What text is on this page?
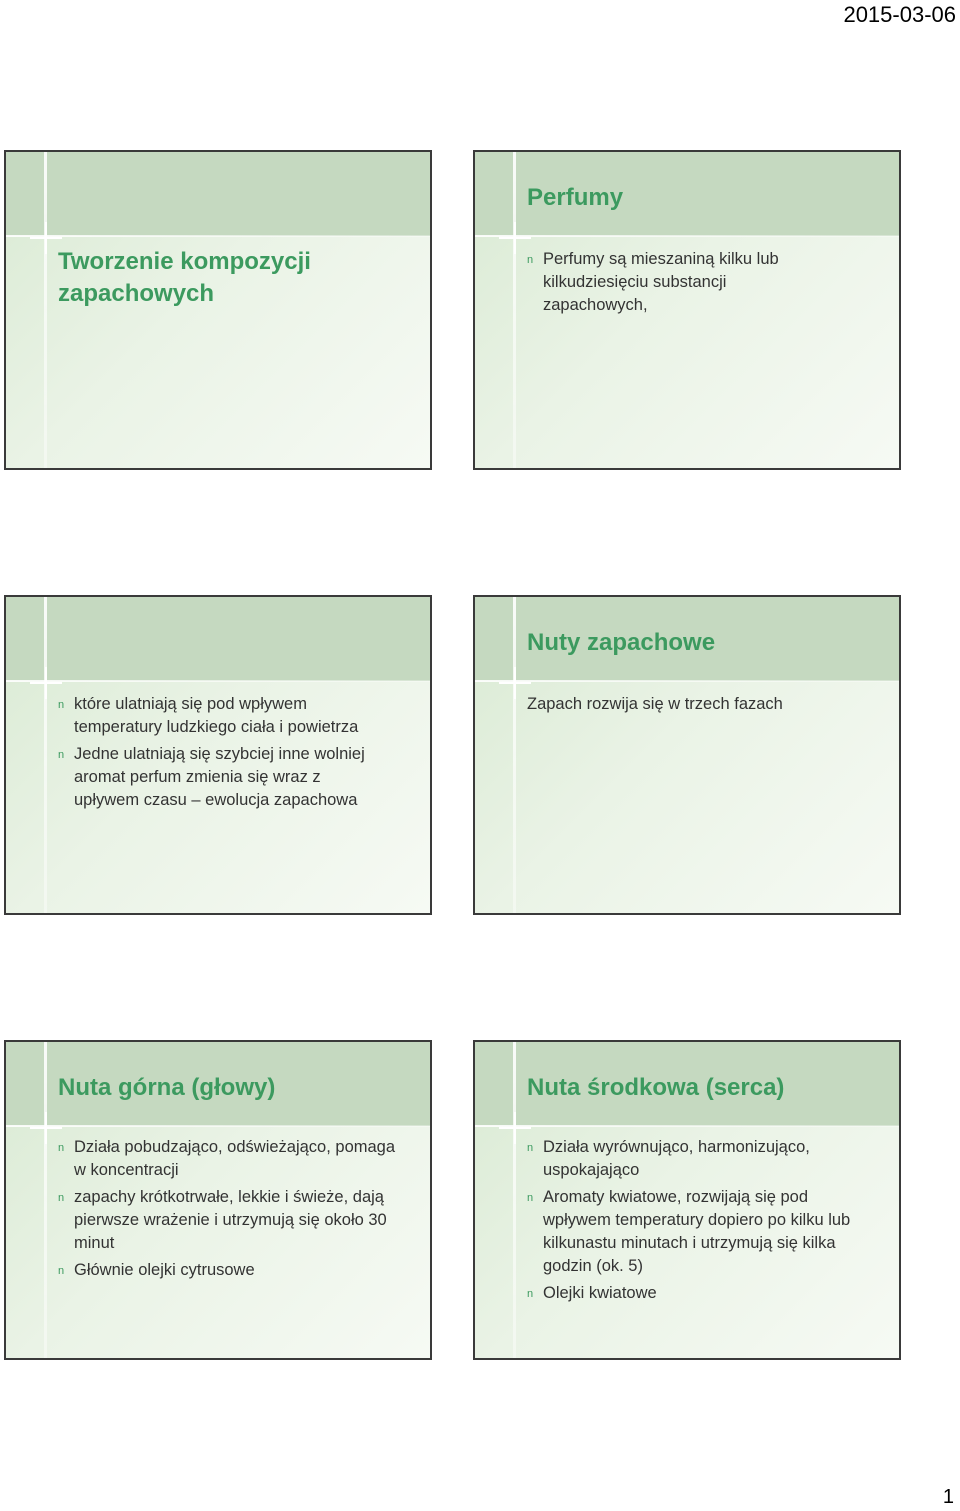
2015-03-06
Tworzenie kompozycji zapachowych
Perfumy
n Perfumy są mieszaniną kilku lub kilkudziesięciu substancji zapachowych,
n które ulatniają się pod wpływem temperatury ludzkiego ciała i powietrza
n Jedne ulatniają się szybciej inne wolniej aromat perfum zmienia się wraz z upływem czasu – ewolucja zapachowa
Nuty zapachowe
Zapach rozwija się w trzech fazach
Nuta górna (głowy)
n Działa pobudzająco, odświeżająco, pomaga w koncentracji
n zapachy krótkotrwałe, lekkie i świeże, dają pierwsze wrażenie i utrzymują się około 30 minut
n Głównie olejki cytrusowe
Nuta środkowa (serca)
n Działa wyrównująco, harmonizująco, uspokajająco
n Aromaty kwiatowe, rozwijają się pod wpływem temperatury dopiero po kilku lub kilkunastu minutach i utrzymują się kilka godzin (ok. 5)
n Olejki kwiatowe
1
